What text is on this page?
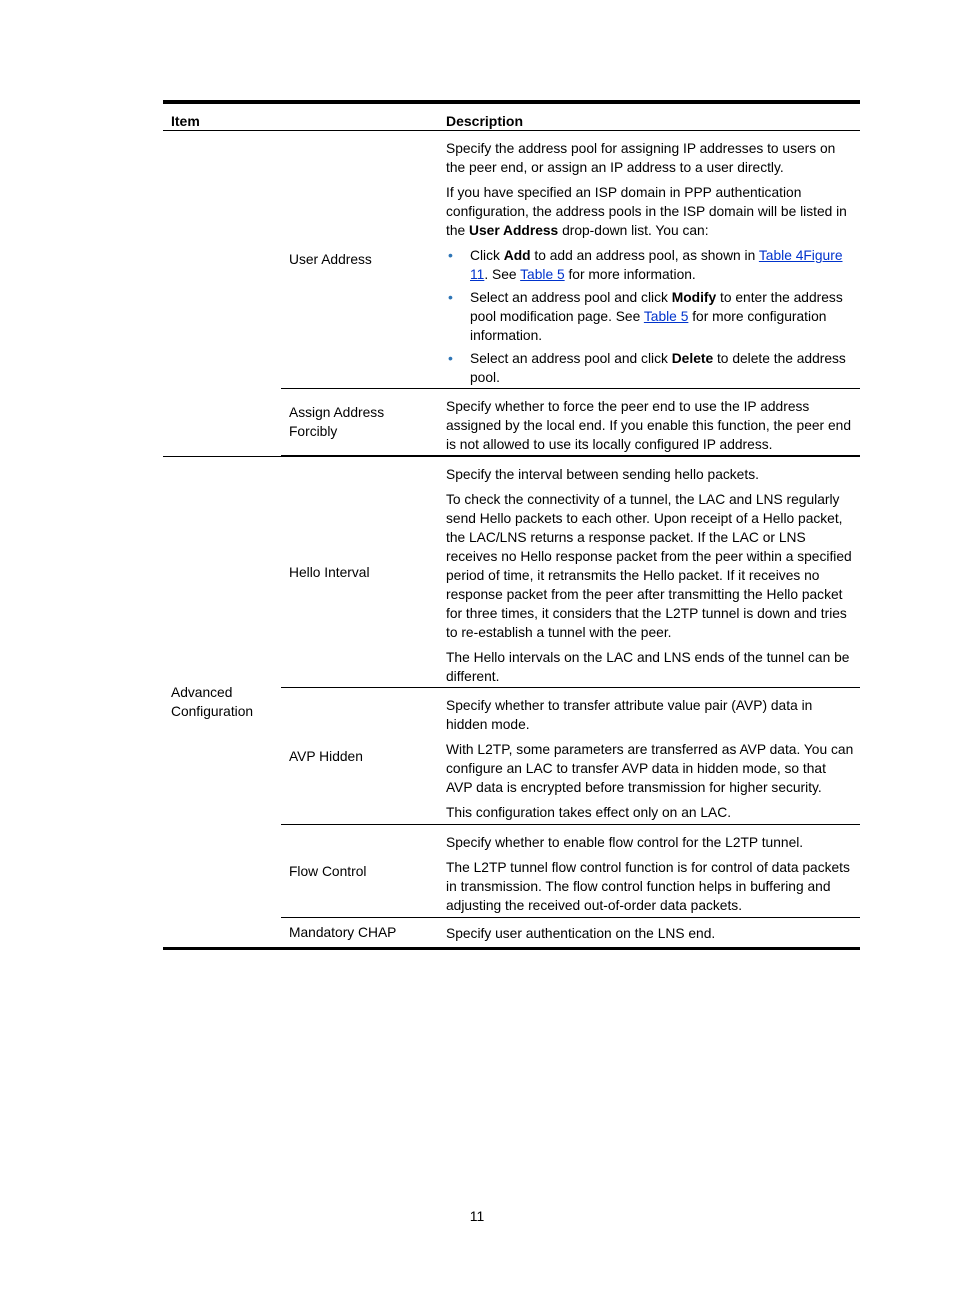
Item	Description
User Address

Specify the address pool for assigning IP addresses to users on the peer end, or assign an IP address to a user directly.

If you have specified an ISP domain in PPP authentication configuration, the address pools in the ISP domain will be listed in the User Address drop-down list. You can:

• Click Add to add an address pool, as shown in Table 4Figure 11. See Table 5 for more information.
• Select an address pool and click Modify to enter the address pool modification page. See Table 5 for more configuration information.
• Select an address pool and click Delete to delete the address pool.
Assign Address Forcibly

Specify whether to force the peer end to use the IP address assigned by the local end. If you enable this function, the peer end is not allowed to use its locally configured IP address.

Advanced Configuration
Hello Interval

Specify the interval between sending hello packets.

To check the connectivity of a tunnel, the LAC and LNS regularly send Hello packets to each other. Upon receipt of a Hello packet, the LAC/LNS returns a response packet. If the LAC or LNS receives no Hello response packet from the peer within a specified period of time, it retransmits the Hello packet. If it receives no response packet from the peer after transmitting the Hello packet for three times, it considers that the L2TP tunnel is down and tries to re-establish a tunnel with the peer.

The Hello intervals on the LAC and LNS ends of the tunnel can be different.

AVP Hidden

Specify whether to transfer attribute value pair (AVP) data in hidden mode.

With L2TP, some parameters are transferred as AVP data. You can configure an LAC to transfer AVP data in hidden mode, so that AVP data is encrypted before transmission for higher security.

This configuration takes effect only on an LAC.

Flow Control

Specify whether to enable flow control for the L2TP tunnel.

The L2TP tunnel flow control function is for control of data packets in transmission. The flow control function helps in buffering and adjusting the received out-of-order data packets.

Mandatory CHAP	Specify user authentication on the LNS end.

11
